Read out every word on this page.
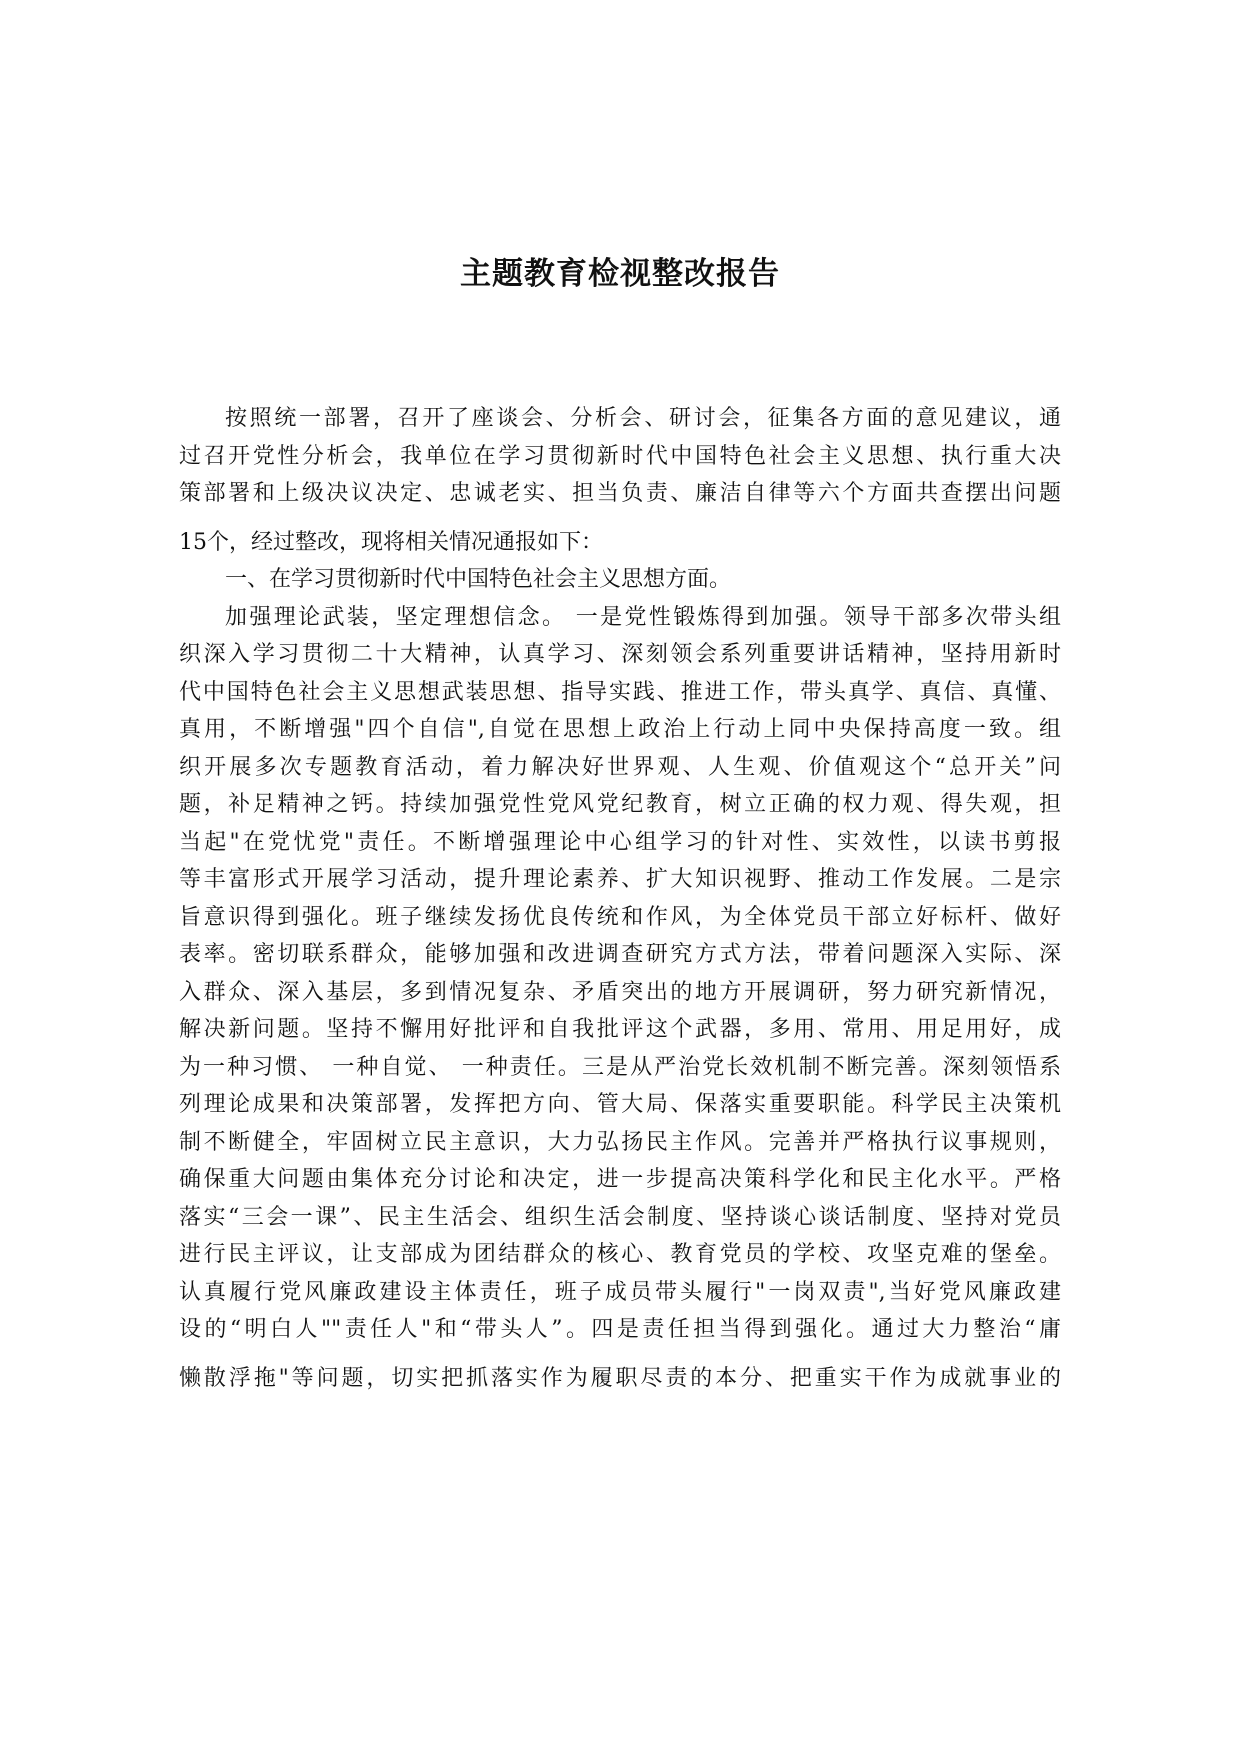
主题教育检视整改报告
按照统一部署，召开了座谈会、分析会、研讨会，征集各方面的意见建议，通
过召开党性分析会，我单位在学习贯彻新时代中国特色社会主义思想、执行重大决
策部署和上级决议决定、忠诚老实、担当负责、廉洁自律等六个方面共查摆出问题
15个，经过整改，现将相关情况通报如下：
一、在学习贯彻新时代中国特色社会主义思想方面。
加强理论武装，坚定理想信念。 一是党性锻炼得到加强。领导干部多次带头组
织深入学习贯彻二十大精神，认真学习、深刻领会系列重要讲话精神，坚持用新时
代中国特色社会主义思想武装思想、指导实践、推进工作，带头真学、真信、真懂、
真用，不断增强"四个自信",自觉在思想上政治上行动上同中央保持高度一致。组
织开展多次专题教育活动，着力解决好世界观、人生观、价值观这个“总开关”问
题，补足精神之钙。持续加强党性党风党纪教育，树立正确的权力观、得失观，担
当起"在党忧党"责任。不断增强理论中心组学习的针对性、实效性，以读书剪报
等丰富形式开展学习活动，提升理论素养、扩大知识视野、推动工作发展。二是宗
旨意识得到强化。班子继续发扬优良传统和作风，为全体党员干部立好标杆、做好
表率。密切联系群众，能够加强和改进调查研究方式方法，带着问题深入实际、深
入群众、深入基层，多到情况复杂、矛盾突出的地方开展调研，努力研究新情况，
解决新问题。坚持不懈用好批评和自我批评这个武器，多用、常用、用足用好，成
为一种习惯、 一种自觉、 一种责任。三是从严治党长效机制不断完善。深刻领悟系
列理论成果和决策部署，发挥把方向、管大局、保落实重要职能。科学民主决策机
制不断健全，牢固树立民主意识，大力弘扬民主作风。完善并严格执行议事规则，
确保重大问题由集体充分讨论和决定，进一步提高决策科学化和民主化水平。严格
落实“三会一课”、民主生活会、组织生活会制度、坚持谈心谈话制度、坚持对党员
进行民主评议，让支部成为团结群众的核心、教育党员的学校、攻坚克难的堡垒。
认真履行党风廉政建设主体责任，班子成员带头履行"一岗双责",当好党风廉政建
设的“明白人""责任人"和“带头人”。四是责任担当得到强化。通过大力整治“庸
懒散浮拖"等问题，切实把抓落实作为履职尽责的本分、把重实干作为成就事业的
